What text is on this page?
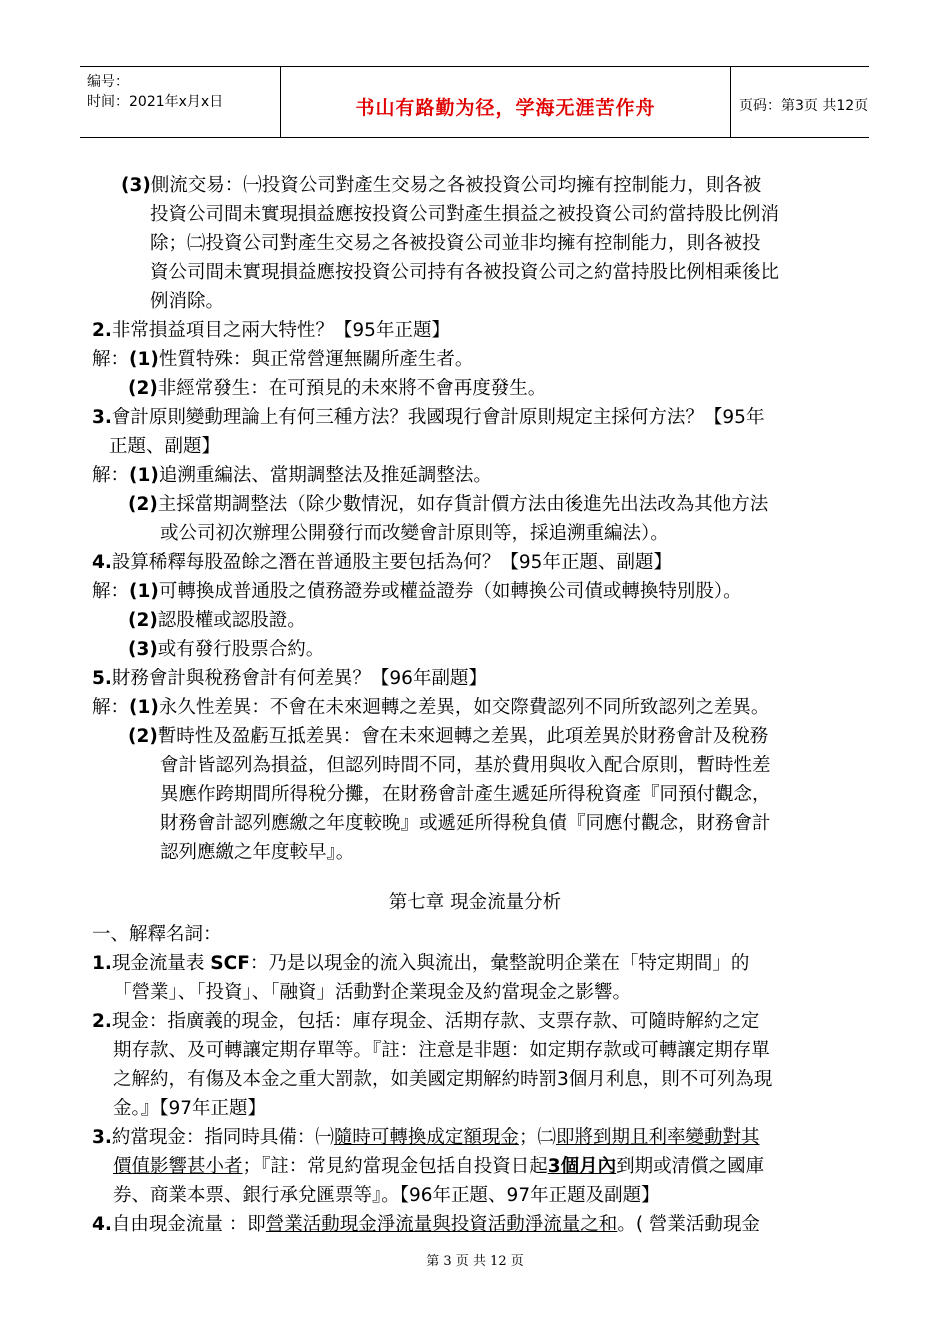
编号：
时间：2021年x月x日	书山有路勤为径，学海无涯苦作舟	页码：第3页 共12页
(3)側流交易：㈠投資公司對產生交易之各被投資公司均擁有控制能力，則各被
投資公司間未實現損益應按投資公司對產生損益之被投資公司約當持股比例消
除；㈡投資公司對產生交易之各被投資公司並非均擁有控制能力，則各被投
資公司間未實現損益應按投資公司持有各被投資公司之約當持股比例相乘後比
例消除。
2.非常損益項目之兩大特性？【95年正題】
解：(1)性質特殊：與正常營運無關所產生者。
(2)非經常發生：在可預見的未來將不會再度發生。
3.會計原則變動理論上有何三種方法？我國現行會計原則規定主採何方法？【95年
正題、副題】
解：(1)追溯重編法、當期調整法及推延調整法。
(2)主採當期調整法（除少數情況，如存貨計價方法由後進先出法改為其他方法
或公司初次辦理公開發行而改變會計原則等，採追溯重編法）。
4.設算稀釋每股盈餘之潛在普通股主要包括為何？【95年正題、副題】
解：(1)可轉換成普通股之債務證券或權益證券（如轉換公司債或轉換特別股）。
(2)認股權或認股證。
(3)或有發行股票合約。
5.財務會計與稅務會計有何差異？【96年副題】
解：(1)永久性差異：不會在未來迴轉之差異，如交際費認列不同所致認列之差異。
(2)暫時性及盈虧互抵差異：會在未來迴轉之差異，此項差異於財務會計及稅務
會計皆認列為損益，但認列時間不同，基於費用與收入配合原則，暫時性差
異應作跨期間所得稅分攤，在財務會計產生遞延所得稅資產『同預付觀念，
財務會計認列應繳之年度較晚』或遞延所得稅負債『同應付觀念，財務會計
認列應繳之年度較早』。
一、解釋名詞：
1.現金流量表 SCF：乃是以現金的流入與流出，彙整說明企業在「特定期間」的
「營業」、「投資」、「融資」活動對企業現金及約當現金之影響。
2.現金：指廣義的現金，包括：庫存現金、活期存款、支票存款、可隨時解約之定
期存款、及可轉讓定期存單等。『註：注意是非題：如定期存款或可轉讓定期存單
之解約，有傷及本金之重大罰款，如美國定期解約時罰3個月利息，則不可列為現
金。』【97年正題】
3.約當現金：指同時具備：㈠隨時可轉換成定額現金；㈡即將到期且利率變動對其
價值影響甚小者；『註：常見約當現金包括自投資日起3個月內到期或清償之國庫
券、商業本票、銀行承兌匯票等』。【96年正題、97年正題及副題】
4.自由現金流量 ：即營業活動現金淨流量與投資活動淨流量之和。( 營業活動現金
第七章 現金流量分析
第 3 页 共 12 页
